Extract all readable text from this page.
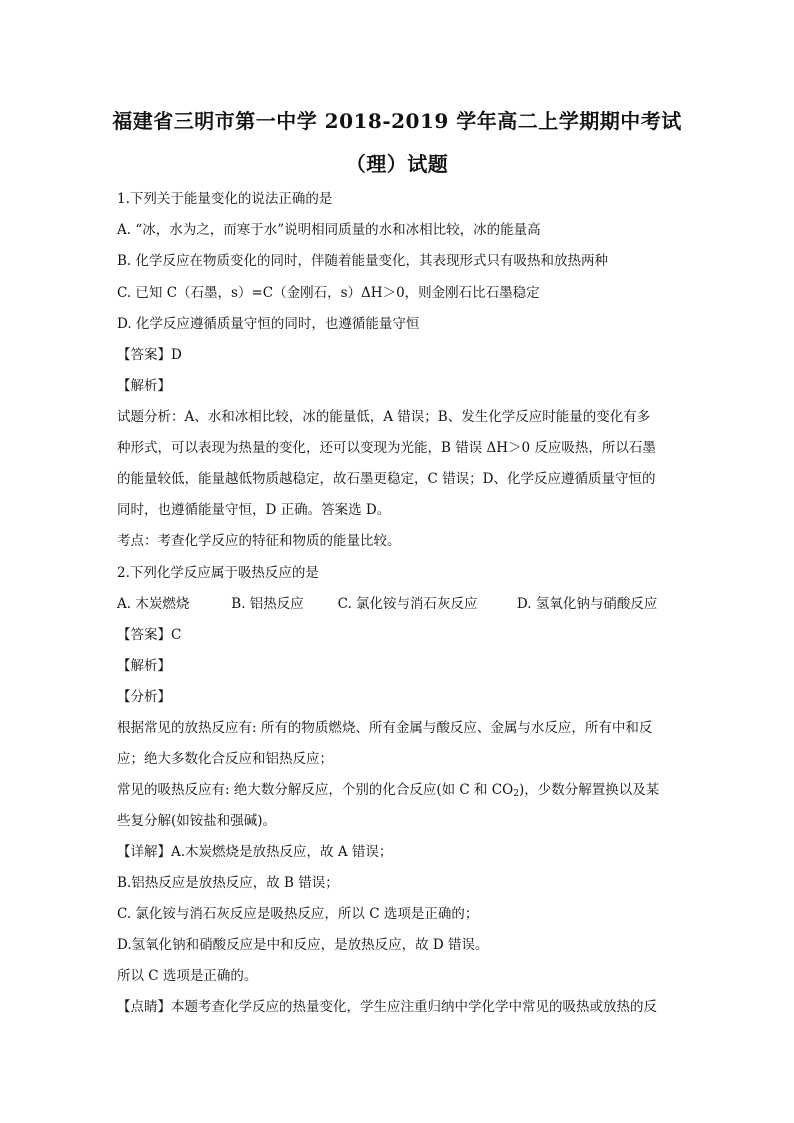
福建省三明市第一中学 2018-2019 学年高二上学期期中考试
（理）试题
1.下列关于能量变化的说法正确的是
A. “冰，水为之，而寒于水”说明相同质量的水和冰相比较，冰的能量高
B. 化学反应在物质变化的同时，伴随着能量变化，其表现形式只有吸热和放热两种
C. 已知 C（石墨，s）=C（金刚石，s）ΔH＞0，则金刚石比石墨稳定
D. 化学反应遵循质量守恒的同时，也遵循能量守恒
【答案】D
【解析】
试题分析：A、水和冰相比较，冰的能量低，A 错误；B、发生化学反应时能量的变化有多
种形式，可以表现为热量的变化，还可以变现为光能，B 错误 ΔH＞0 反应吸热，所以石墨
的能量较低，能量越低物质越稳定，故石墨更稳定，C 错误；D、化学反应遵循质量守恒的
同时，也遵循能量守恒，D 正确。答案选 D。
考点：考查化学反应的特征和物质的能量比较。
2.下列化学反应属于吸热反应的是
A. 木炭燃烧	B. 铝热反应	C. 氯化铵与消石灰反应	D. 氢氧化钠与硝酸反应
【答案】C
【解析】
【分析】
根据常见的放热反应有: 所有的物质燃烧、所有金属与酸反应、金属与水反应，所有中和反
应；绝大多数化合反应和铝热反应；
常见的吸热反应有: 绝大数分解反应，个别的化合反应(如 C 和 $CO_2$)，少数分解置换以及某
些复分解(如铵盐和强碱)。
【详解】A.木炭燃烧是放热反应，故 A 错误；
B.铝热反应是放热反应，故 B 错误；
C. 氯化铵与消石灰反应是吸热反应，所以 C 选项是正确的；
D.氢氧化钠和硝酸反应是中和反应，是放热反应，故 D 错误。
所以 C 选项是正确的。
【点睛】本题考查化学反应的热量变化，学生应注重归纳中学化学中常见的吸热或放热的反
